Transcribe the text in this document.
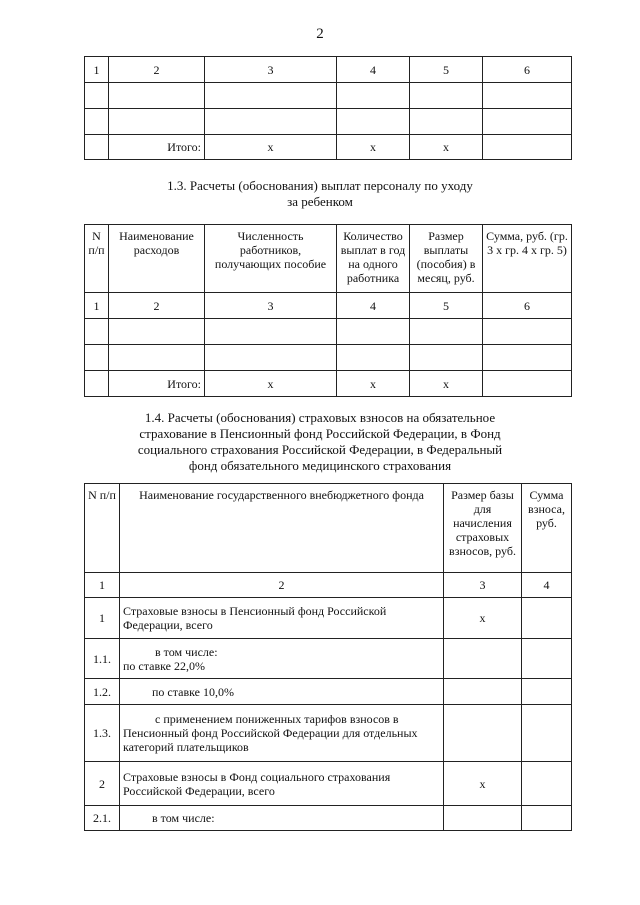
2
1	2	3	4	5	6

	Итого:	x	x	x	
1.3. Расчеты (обоснования) выплат персоналу по уходу
за ребенком
N п/п	Наименование расходов	Численность работников, получающих пособие	Количество выплат в год на одного работника	Размер выплаты (пособия) в месяц, руб.	Сумма, руб. (гр. 3 х гр. 4 х гр. 5)
1	2	3	4	5	6

	Итого:	x	x	x	
1.4. Расчеты (обоснования) страховых взносов на обязательное
страхование в Пенсионный фонд Российской Федерации, в Фонд
социального страхования Российской Федерации, в Федеральный
фонд обязательного медицинского страхования
N п/п	Наименование государственного внебюджетного фонда	Размер базы для начисления страховых взносов, руб.	Сумма взноса, руб.
1	2	3	4
1	Страховые взносы в Пенсионный фонд Российской Федерации, всего	x	
1.1.	в том числе:
по ставке 22,0%		

1.2.	по ставке 10,0%		
1.3.	с применением пониженных тарифов взносов в
Пенсионный фонд Российской Федерации для отдельных категорий плательщиков		

2	Страховые взносы в Фонд социального страхования Российской Федерации, всего	x	
2.1.	в том числе:		
